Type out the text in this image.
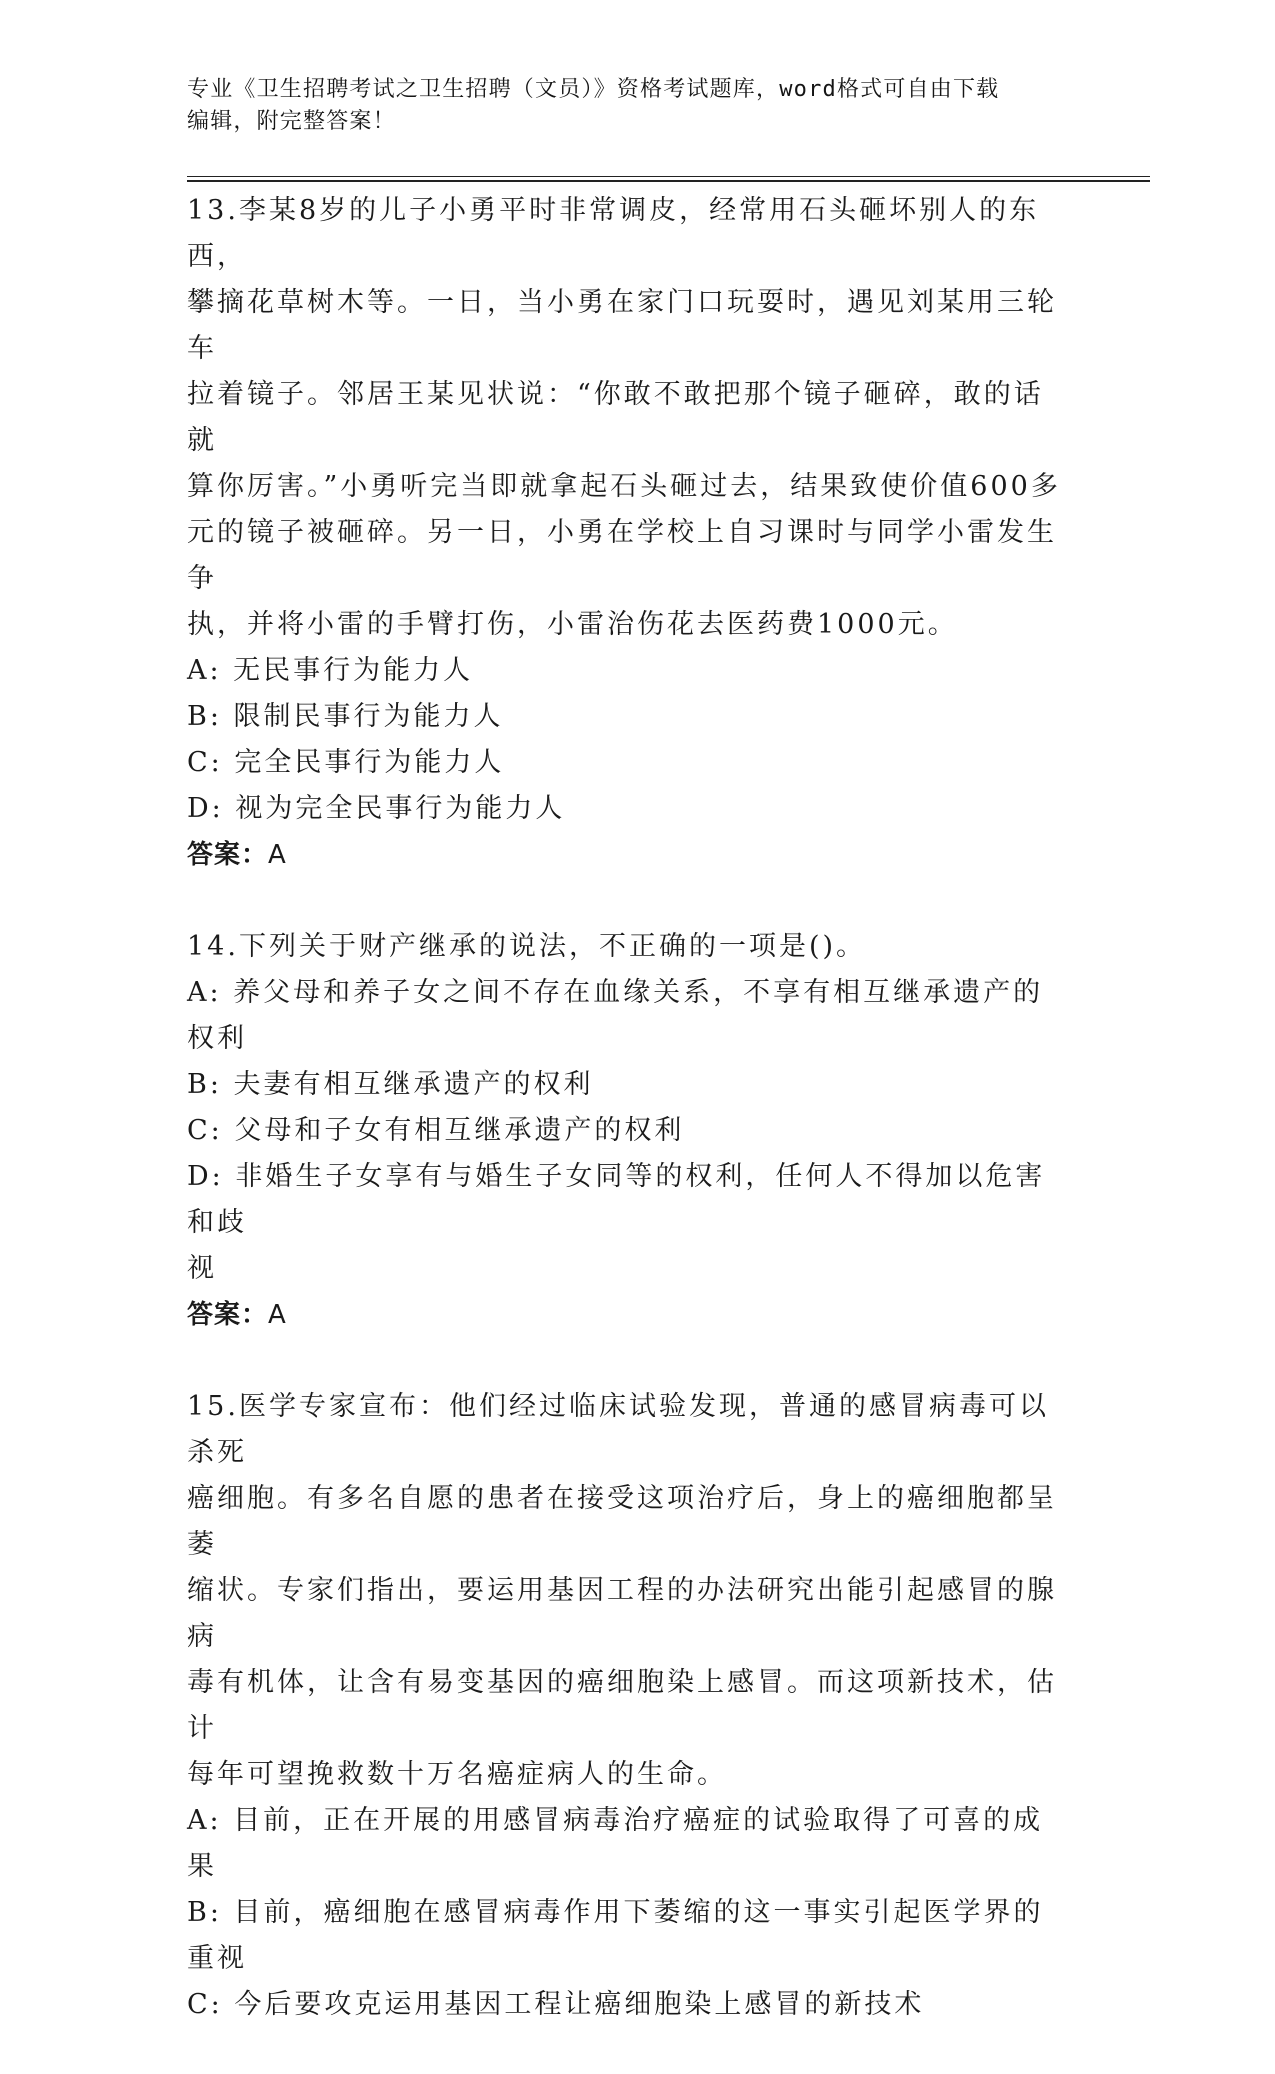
专业《卫生招聘考试之卫生招聘（文员）》资格考试题库，word格式可自由下载
编辑，附完整答案！

13.李某8岁的儿子小勇平时非常调皮，经常用石头砸坏别人的东西，

攀摘花草树木等。一日，当小勇在家门口玩耍时，遇见刘某用三轮车

拉着镜子。邻居王某见状说：“你敢不敢把那个镜子砸碎，敢的话就

算你厉害。”小勇听完当即就拿起石头砸过去，结果致使价值600多

元的镜子被砸碎。另一日，小勇在学校上自习课时与同学小雷发生争

执，并将小雷的手臂打伤，小雷治伤花去医药费1000元。

A: 无民事行为能力人

B: 限制民事行为能力人

C: 完全民事行为能力人

D: 视为完全民事行为能力人

答案：A

14.下列关于财产继承的说法，不正确的一项是()。

A: 养父母和养子女之间不存在血缘关系，不享有相互继承遗产的权利

B: 夫妻有相互继承遗产的权利

C: 父母和子女有相互继承遗产的权利

D: 非婚生子女享有与婚生子女同等的权利，任何人不得加以危害和歧

视

答案：A

15.医学专家宣布：他们经过临床试验发现，普通的感冒病毒可以杀死

癌细胞。有多名自愿的患者在接受这项治疗后，身上的癌细胞都呈萎

缩状。专家们指出，要运用基因工程的办法研究出能引起感冒的腺病

毒有机体，让含有易变基因的癌细胞染上感冒。而这项新技术，估计

每年可望挽救数十万名癌症病人的生命。

A: 目前，正在开展的用感冒病毒治疗癌症的试验取得了可喜的成果

B: 目前，癌细胞在感冒病毒作用下萎缩的这一事实引起医学界的重视

C: 今后要攻克运用基因工程让癌细胞染上感冒的新技术
